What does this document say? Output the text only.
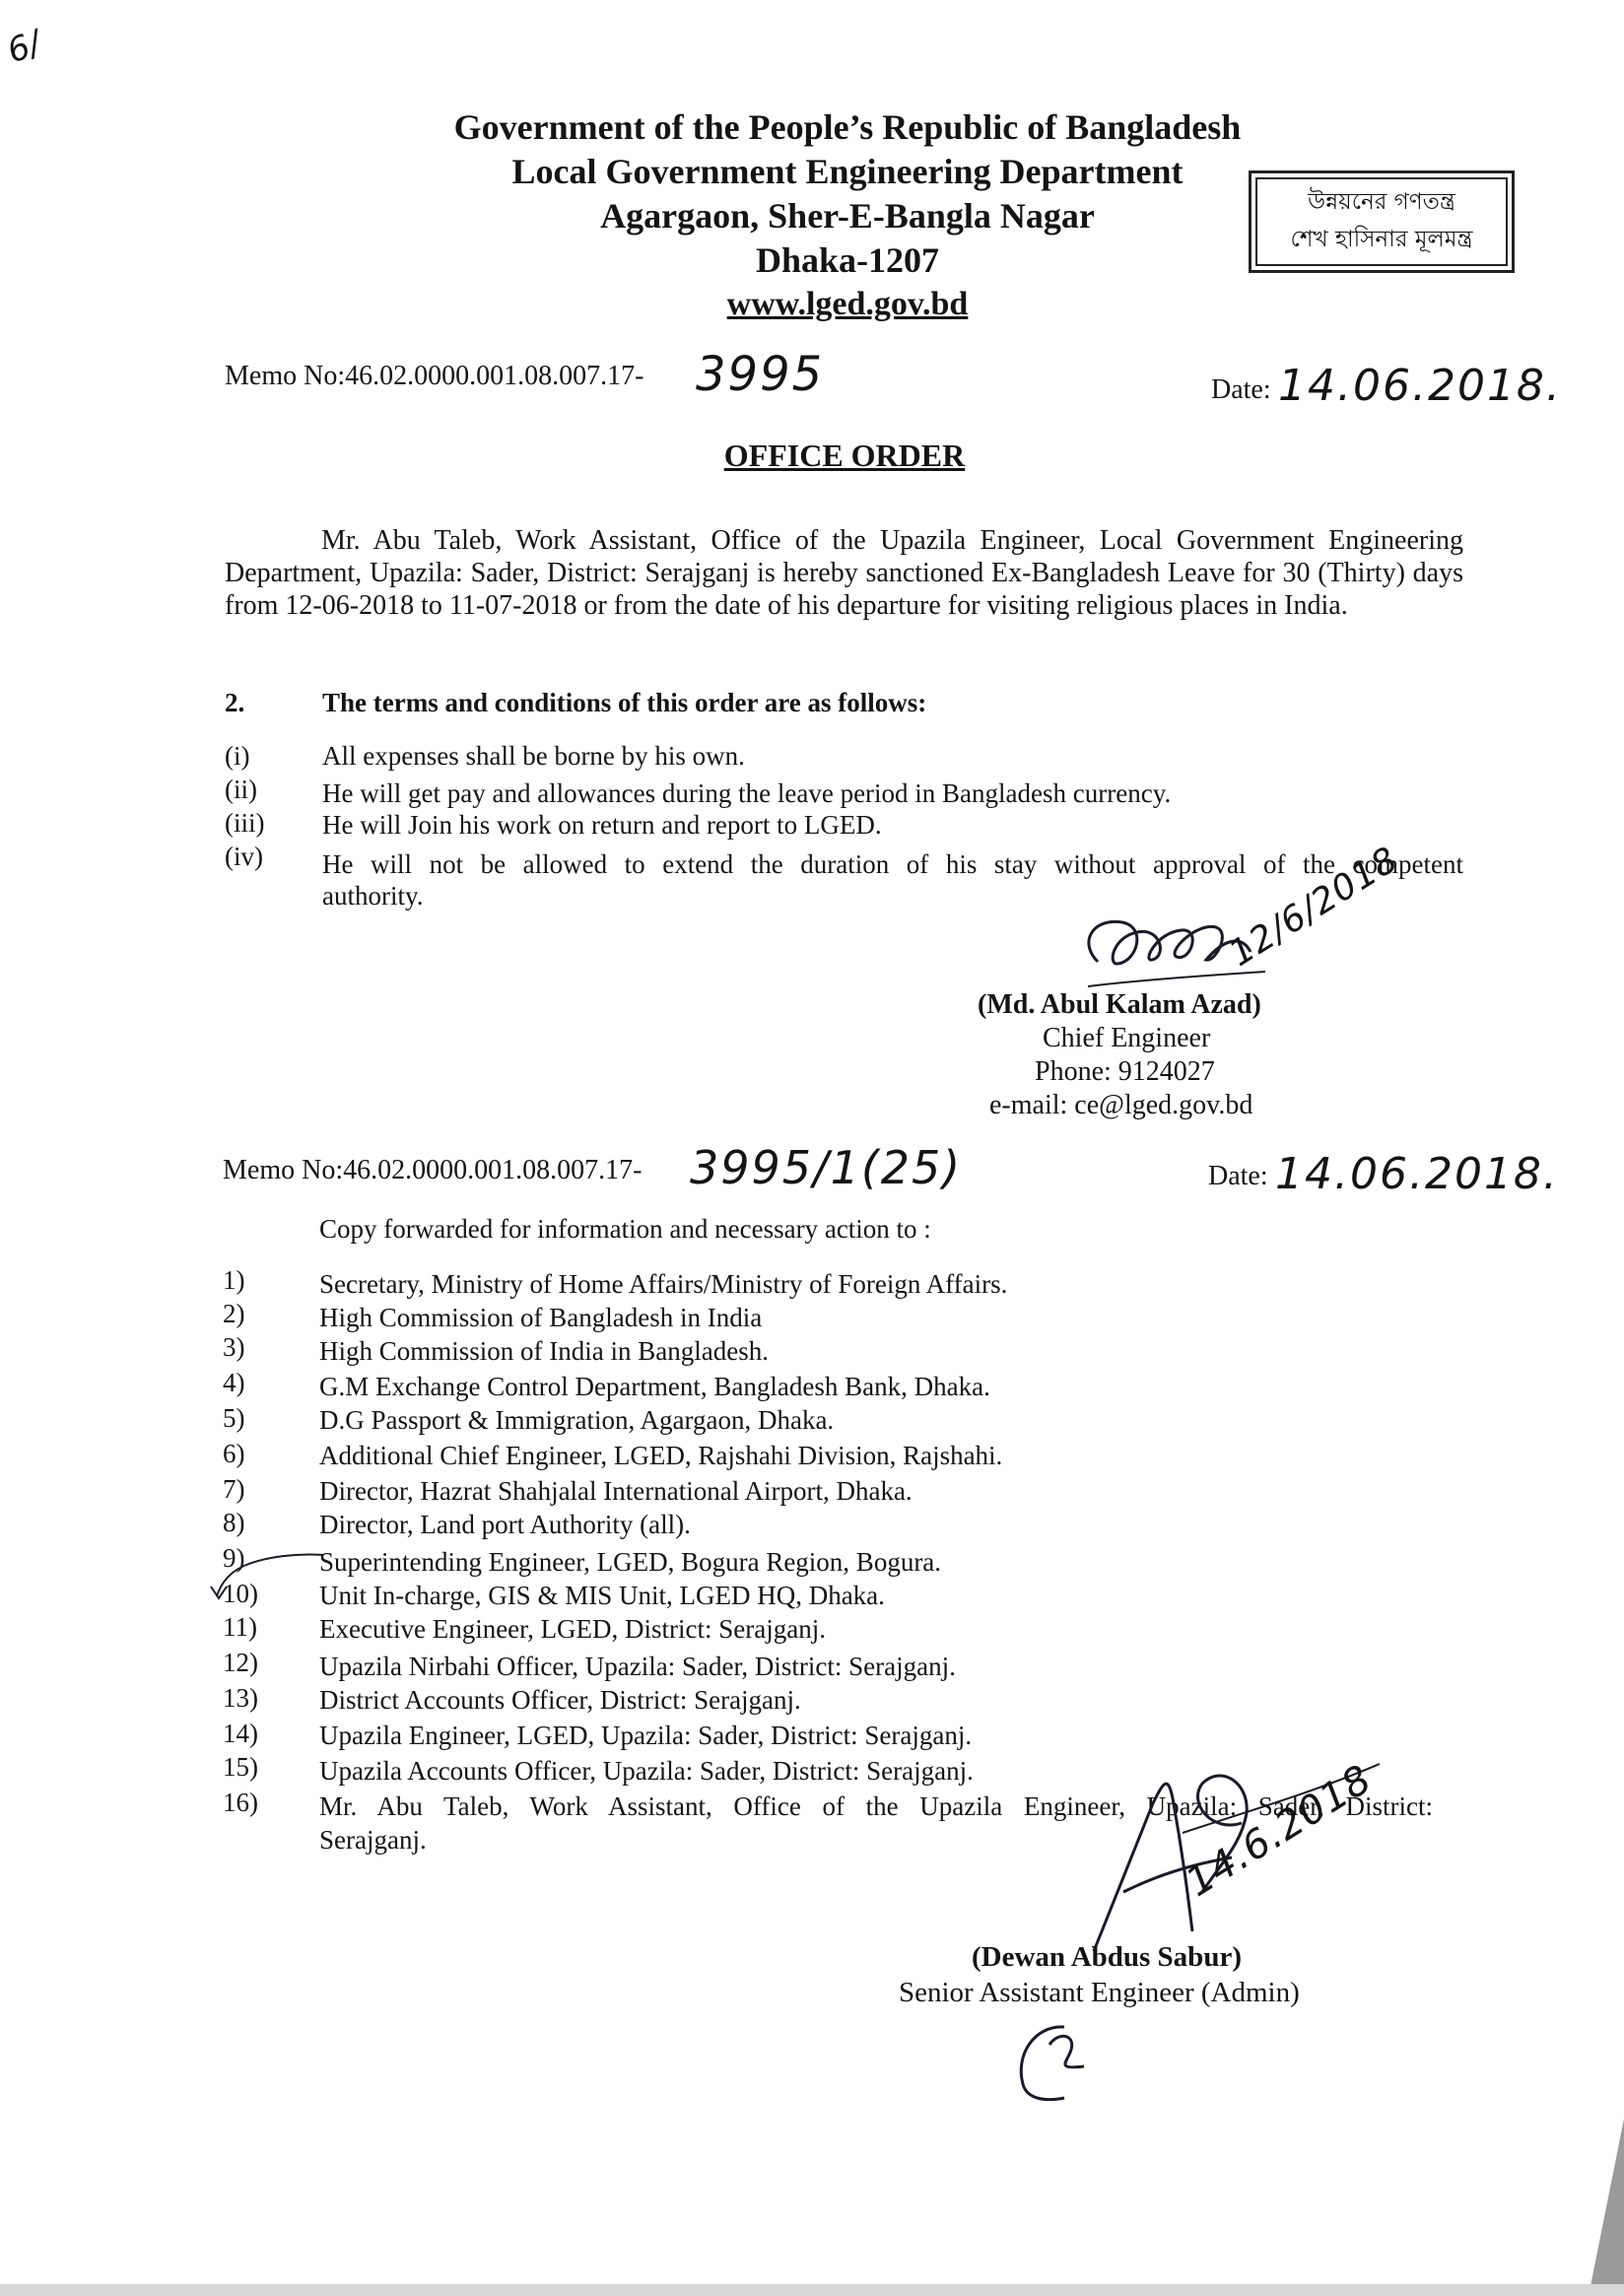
6/
Government of the People’s Republic of Bangladesh
Local Government Engineering Department
Agargaon, Sher-E-Bangla Nagar
Dhaka-1207
www.lged.gov.bd
উন্নয়নের গণতন্ত্র
শেখ হাসিনার মূলমন্ত্র
Memo No:46.02.0000.001.08.007.17- 3995	Date: 14.06.2018.
OFFICE ORDER
Mr. Abu Taleb, Work Assistant, Office of the Upazila Engineer, Local Government Engineering Department, Upazila: Sader, District: Serajganj is hereby sanctioned Ex-Bangladesh Leave for 30 (Thirty) days from 12-06-2018 to 11-07-2018 or from the date of his departure for visiting religious places in India.
2.	The terms and conditions of this order are as follows:
(i)	All expenses shall be borne by his own.
(ii) He will get pay and allowances during the leave period in Bangladesh currency.
(iii) He will Join his work on return and report to LGED.
(iv) He will not be allowed to extend the duration of his stay without approval of the competent
authority.	12/6/2018
(Md. Abul Kalam Azad)
Chief Engineer
Phone: 9124027
e-mail: ce@lged.gov.bd
Memo No:46.02.0000.001.08.007.17- 3995/1(25)	Date: 14.06.2018.
Copy forwarded for information and necessary action to :
1)	Secretary, Ministry of Home Affairs/Ministry of Foreign Affairs.
2)	High Commission of Bangladesh in India
3)	High Commission of India in Bangladesh.
4)	G.M Exchange Control Department, Bangladesh Bank, Dhaka.
5)	D.G Passport & Immigration, Agargaon, Dhaka.
6)	Additional Chief Engineer, LGED, Rajshahi Division, Rajshahi.
7)	Director, Hazrat Shahjalal International Airport, Dhaka.
8)	Director, Land port Authority (all).
9)	Superintending Engineer, LGED, Bogura Region, Bogura.
10) Unit In-charge, GIS & MIS Unit, LGED HQ, Dhaka.
11) Executive Engineer, LGED, District: Serajganj.
12) Upazila Nirbahi Officer, Upazila: Sader, District: Serajganj.
13) District Accounts Officer, District: Serajganj.
14) Upazila Engineer, LGED, Upazila: Sader, District: Serajganj.
15) Upazila Accounts Officer, Upazila: Sader, District: Serajganj.
16) Mr. Abu Taleb, Work Assistant, Office of the Upazila Engineer, Upazila: Sader, District:
Serajganj.	14.6.2018
(Dewan Abdus Sabur)
Senior Assistant Engineer (Admin)
